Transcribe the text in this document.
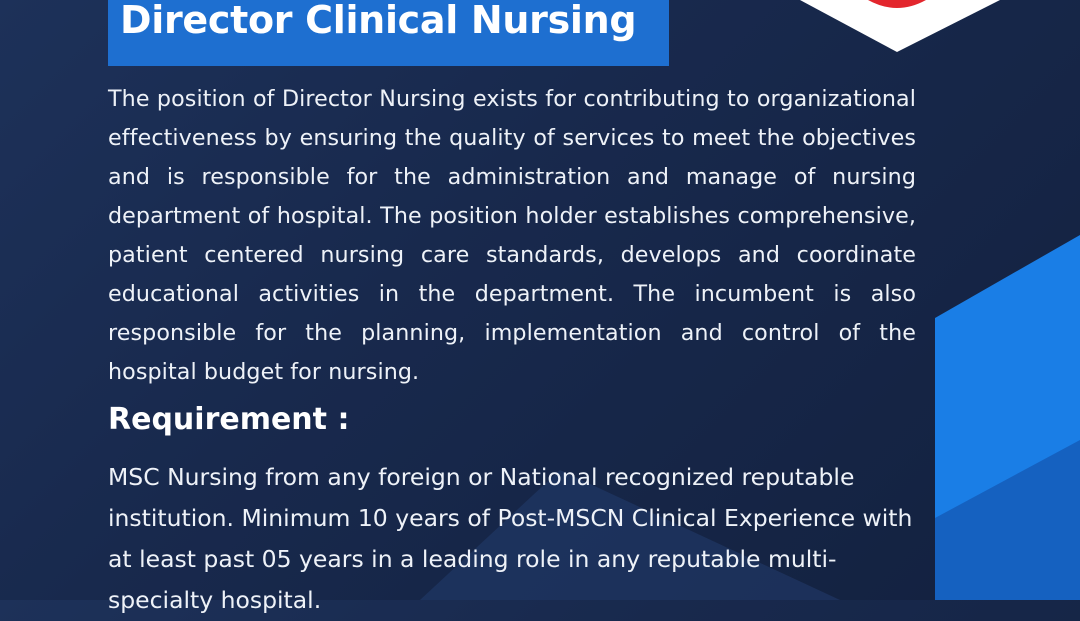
Director Clinical Nursing
The position of Director Nursing exists for contributing to organizational effectiveness by ensuring the quality of services to meet the objectives and is responsible for the administration and manage of nursing department of hospital. The position holder establishes comprehensive, patient centered nursing care standards, develops and coordinate educational activities in the department. The incumbent is also responsible for the planning, implementation and control of the hospital budget for nursing.
Requirement :
MSC Nursing from any foreign or National recognized reputable institution. Minimum 10 years of Post-MSCN Clinical Experience with at least past 05 years in a leading role in any reputable multi- specialty hospital.
